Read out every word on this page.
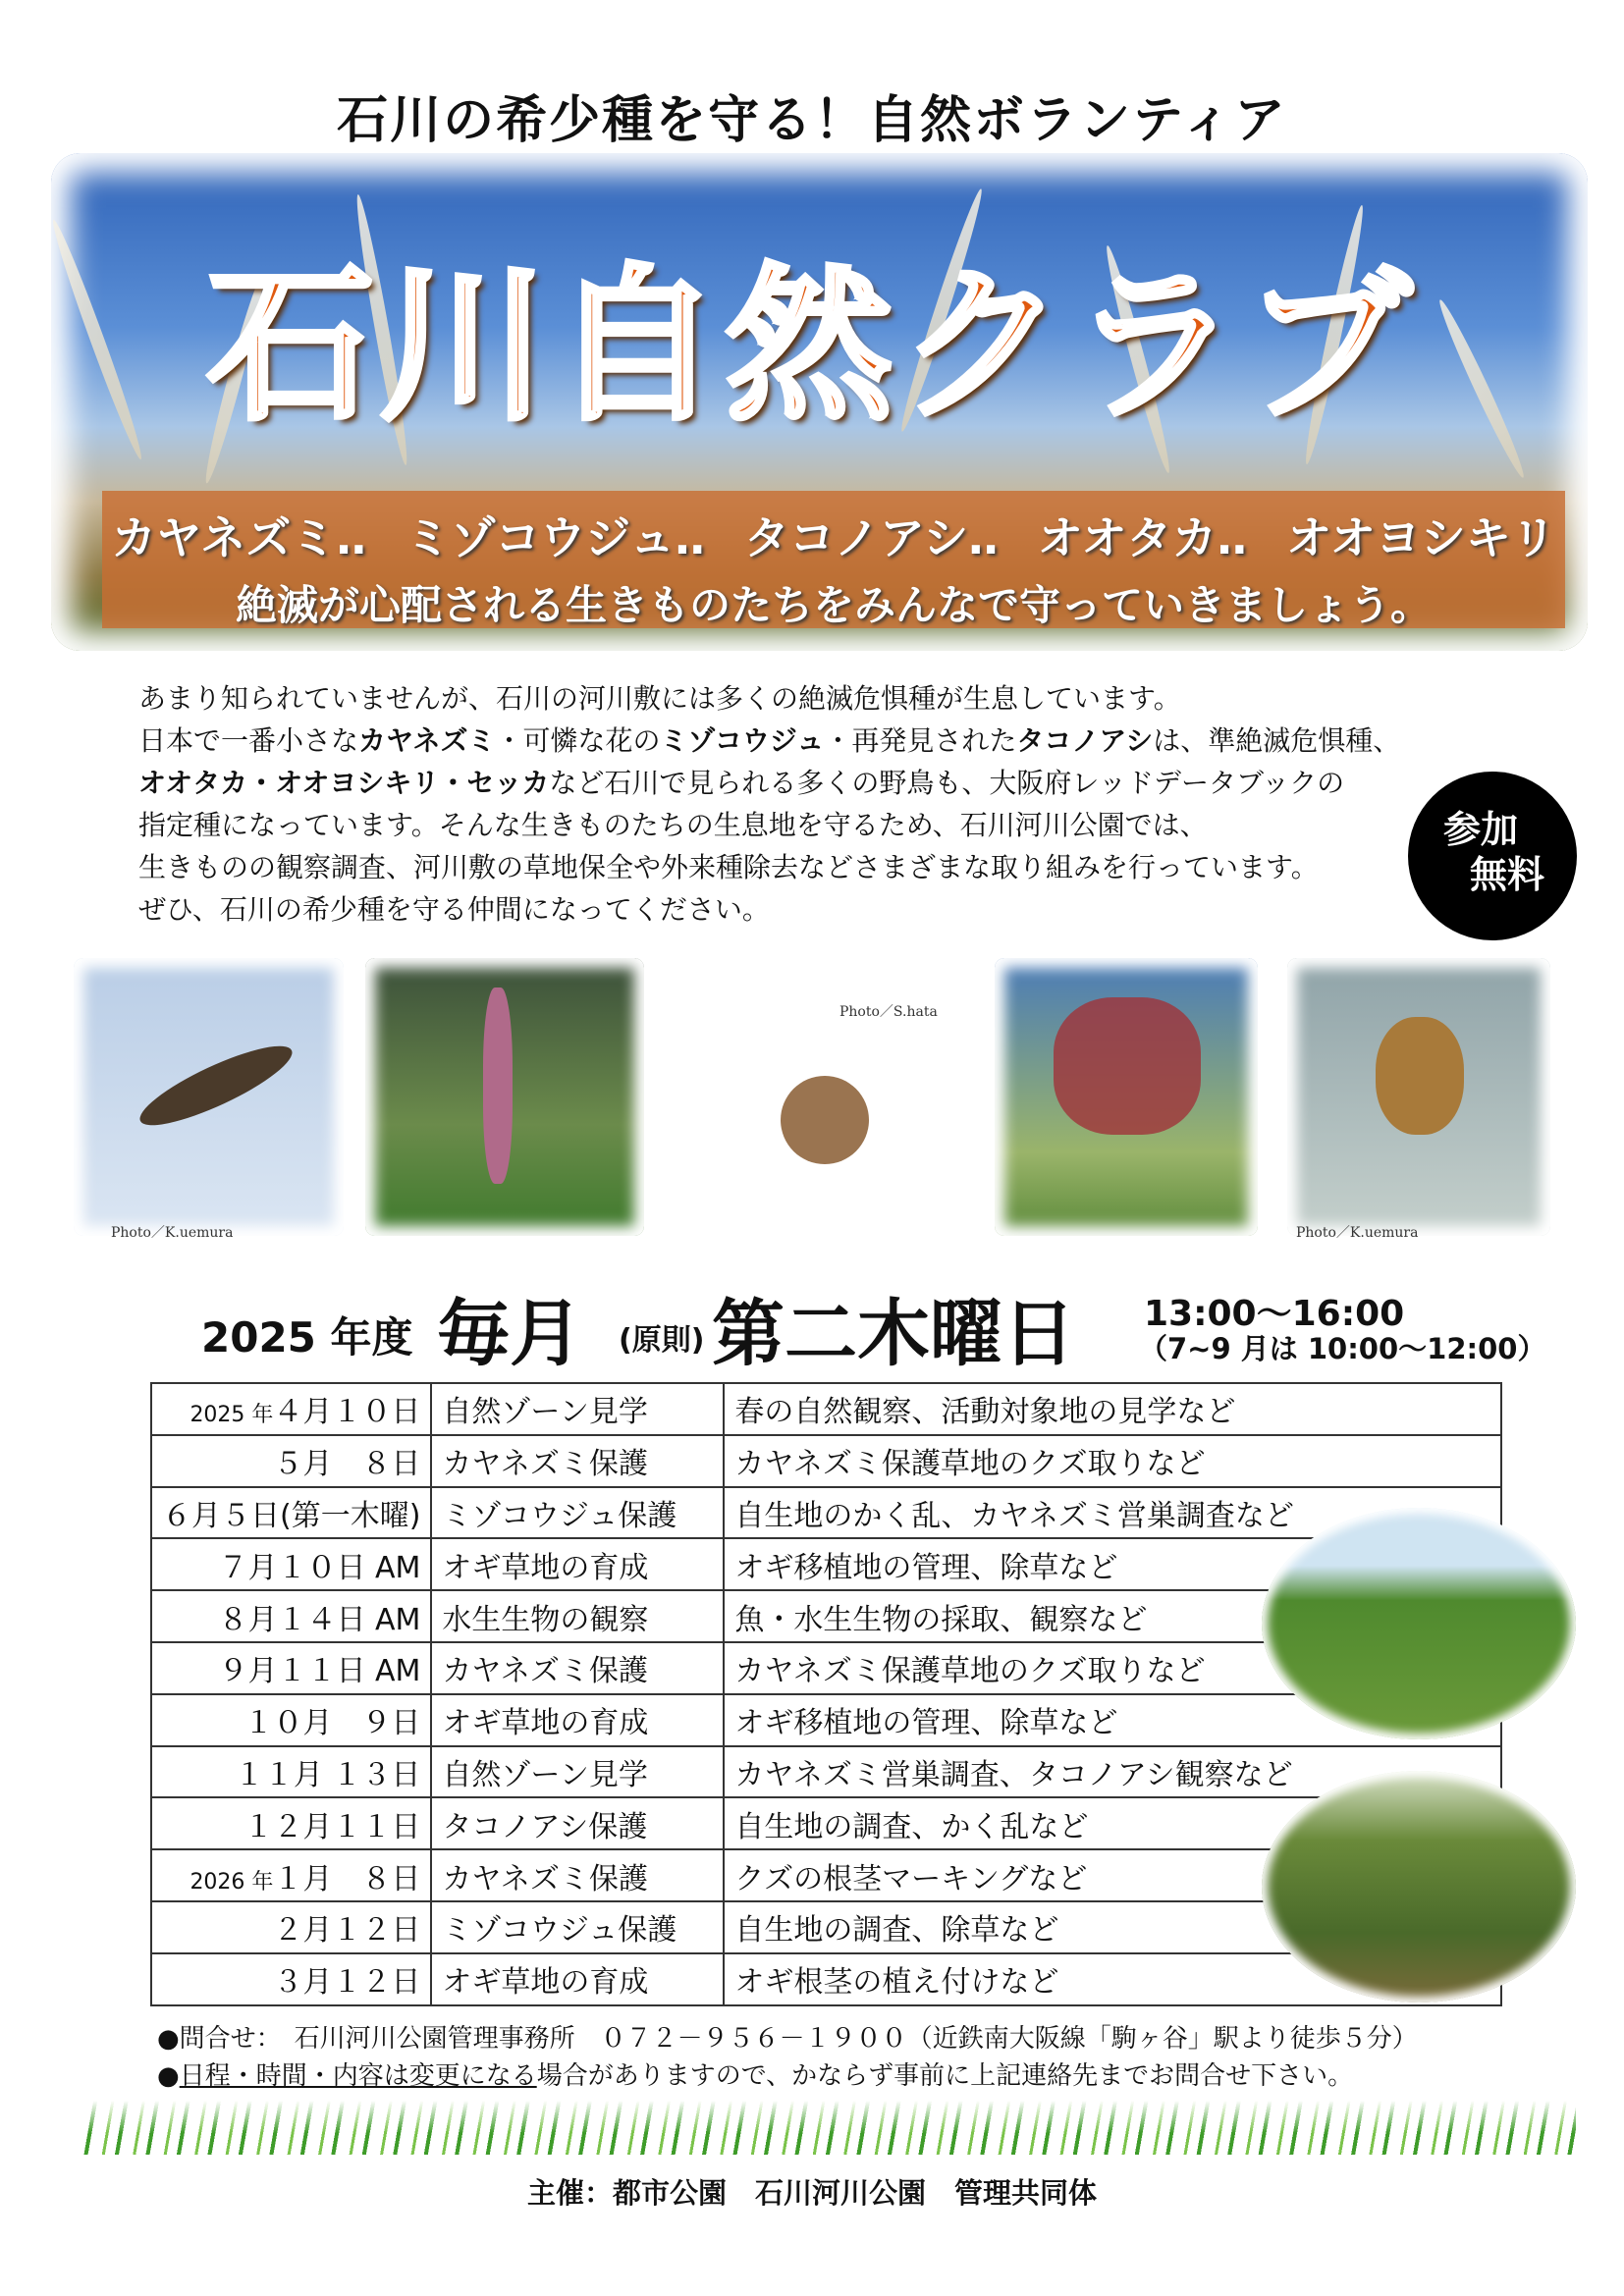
石川の希少種を守る！自然ボランティア
石川自然クラブ
カヤネズミ‥ ミゾコウジュ‥ タコノアシ‥ オオタカ‥ オオヨシキリ
絶滅が心配される生きものたちをみんなで守っていきましょう。
あまり知られていませんが、石川の河川敷には多くの絶滅危惧種が生息しています。
日本で一番小さなカヤネズミ・可憐な花のミゾコウジュ・再発見されたタコノアシは、準絶滅危惧種、
オオタカ・オオヨシキリ・セッカなど石川で見られる多くの野鳥も、大阪府レッドデータブックの
指定種になっています。そんな生きものたちの生息地を守るため、石川河川公園では、
生きものの観察調査、河川敷の草地保全や外来種除去などさまざまな取り組みを行っています。
ぜひ、石川の希少種を守る仲間になってください。
参加
無料
Photo／K.uemura
Photo／S.hata
Photo／K.uemura
2025 年度 毎月 (原則) 第二木曜日 13:00～16:00
（7~9 月は 10:00～12:00）
2025 年４月１０日	自然ゾーン見学	春の自然観察、活動対象地の見学など
５月　８日	カヤネズミ保護	カヤネズミ保護草地のクズ取りなど
６月５日(第一木曜)	ミゾコウジュ保護	自生地のかく乱、カヤネズミ営巣調査など
７月１０日 AM	オギ草地の育成	オギ移植地の管理、除草など
８月１４日 AM	水生生物の観察	魚・水生生物の採取、観察など
９月１１日 AM	カヤネズミ保護	カヤネズミ保護草地のクズ取りなど
１０月　９日	オギ草地の育成	オギ移植地の管理、除草など
１１月 １３日	自然ゾーン見学	カヤネズミ営巣調査、タコノアシ観察など
１２月１１日	タコノアシ保護	自生地の調査、かく乱など
2026 年１月　８日	カヤネズミ保護	クズの根茎マーキングなど
２月１２日	ミゾコウジュ保護	自生地の調査、除草など
３月１２日	オギ草地の育成	オギ根茎の植え付けなど
●問合せ：　石川河川公園管理事務所　０７２－９５６－１９００（近鉄南大阪線「駒ヶ谷」駅より徒歩５分）
●日程・時間・内容は変更になる場合がありますので、かならず事前に上記連絡先までお問合せ下さい。
主催：都市公園　石川河川公園　管理共同体
